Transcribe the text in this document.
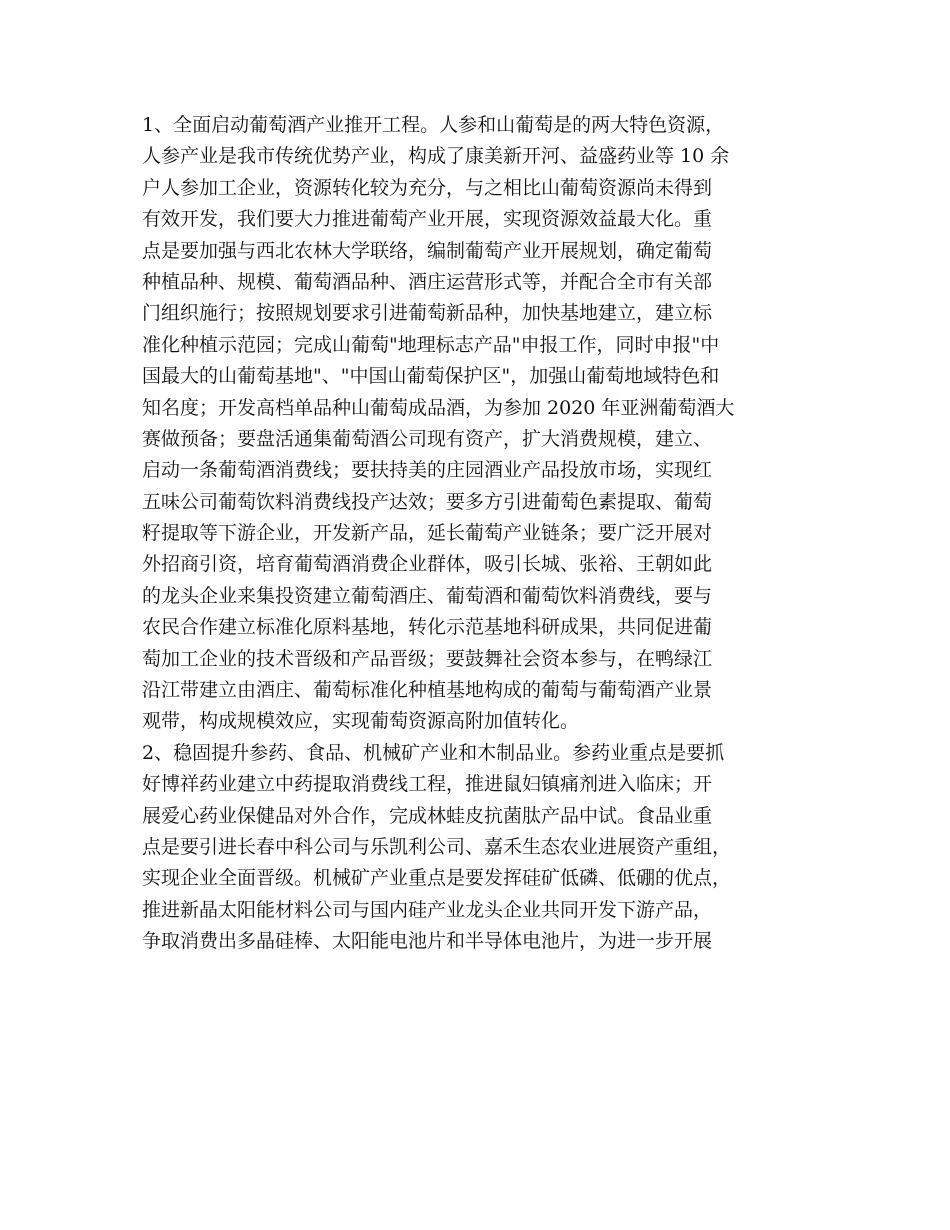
1、全面启动葡萄酒产业推开工程。人参和山葡萄是的两大特色资源，
人参产业是我市传统优势产业，构成了康美新开河、益盛药业等 10 余
户人参加工企业，资源转化较为充分，与之相比山葡萄资源尚未得到
有效开发，我们要大力推进葡萄产业开展，实现资源效益最大化。重
点是要加强与西北农林大学联络，编制葡萄产业开展规划，确定葡萄
种植品种、规模、葡萄酒品种、酒庄运营形式等，并配合全市有关部
门组织施行；按照规划要求引进葡萄新品种，加快基地建立，建立标
准化种植示范园；完成山葡萄"地理标志产品"申报工作，同时申报"中
国最大的山葡萄基地"、"中国山葡萄保护区"，加强山葡萄地域特色和
知名度；开发高档单品种山葡萄成品酒，为参加 2020 年亚洲葡萄酒大
赛做预备；要盘活通集葡萄酒公司现有资产，扩大消费规模，建立、
启动一条葡萄酒消费线；要扶持美的庄园酒业产品投放市场，实现红
五味公司葡萄饮料消费线投产达效；要多方引进葡萄色素提取、葡萄
籽提取等下游企业，开发新产品，延长葡萄产业链条；要广泛开展对
外招商引资，培育葡萄酒消费企业群体，吸引长城、张裕、王朝如此
的龙头企业来集投资建立葡萄酒庄、葡萄酒和葡萄饮料消费线，要与
农民合作建立标准化原料基地，转化示范基地科研成果，共同促进葡
萄加工企业的技术晋级和产品晋级；要鼓舞社会资本参与，在鸭绿江
沿江带建立由酒庄、葡萄标准化种植基地构成的葡萄与葡萄酒产业景
观带，构成规模效应，实现葡萄资源高附加值转化。
2、稳固提升参药、食品、机械矿产业和木制品业。参药业重点是要抓
好博祥药业建立中药提取消费线工程，推进鼠妇镇痛剂进入临床；开
展爱心药业保健品对外合作，完成林蛙皮抗菌肽产品中试。食品业重
点是要引进长春中科公司与乐凯利公司、嘉禾生态农业进展资产重组，
实现企业全面晋级。机械矿产业重点是要发挥硅矿低磷、低硼的优点，
推进新晶太阳能材料公司与国内硅产业龙头企业共同开发下游产品，
争取消费出多晶硅棒、太阳能电池片和半导体电池片，为进一步开展
